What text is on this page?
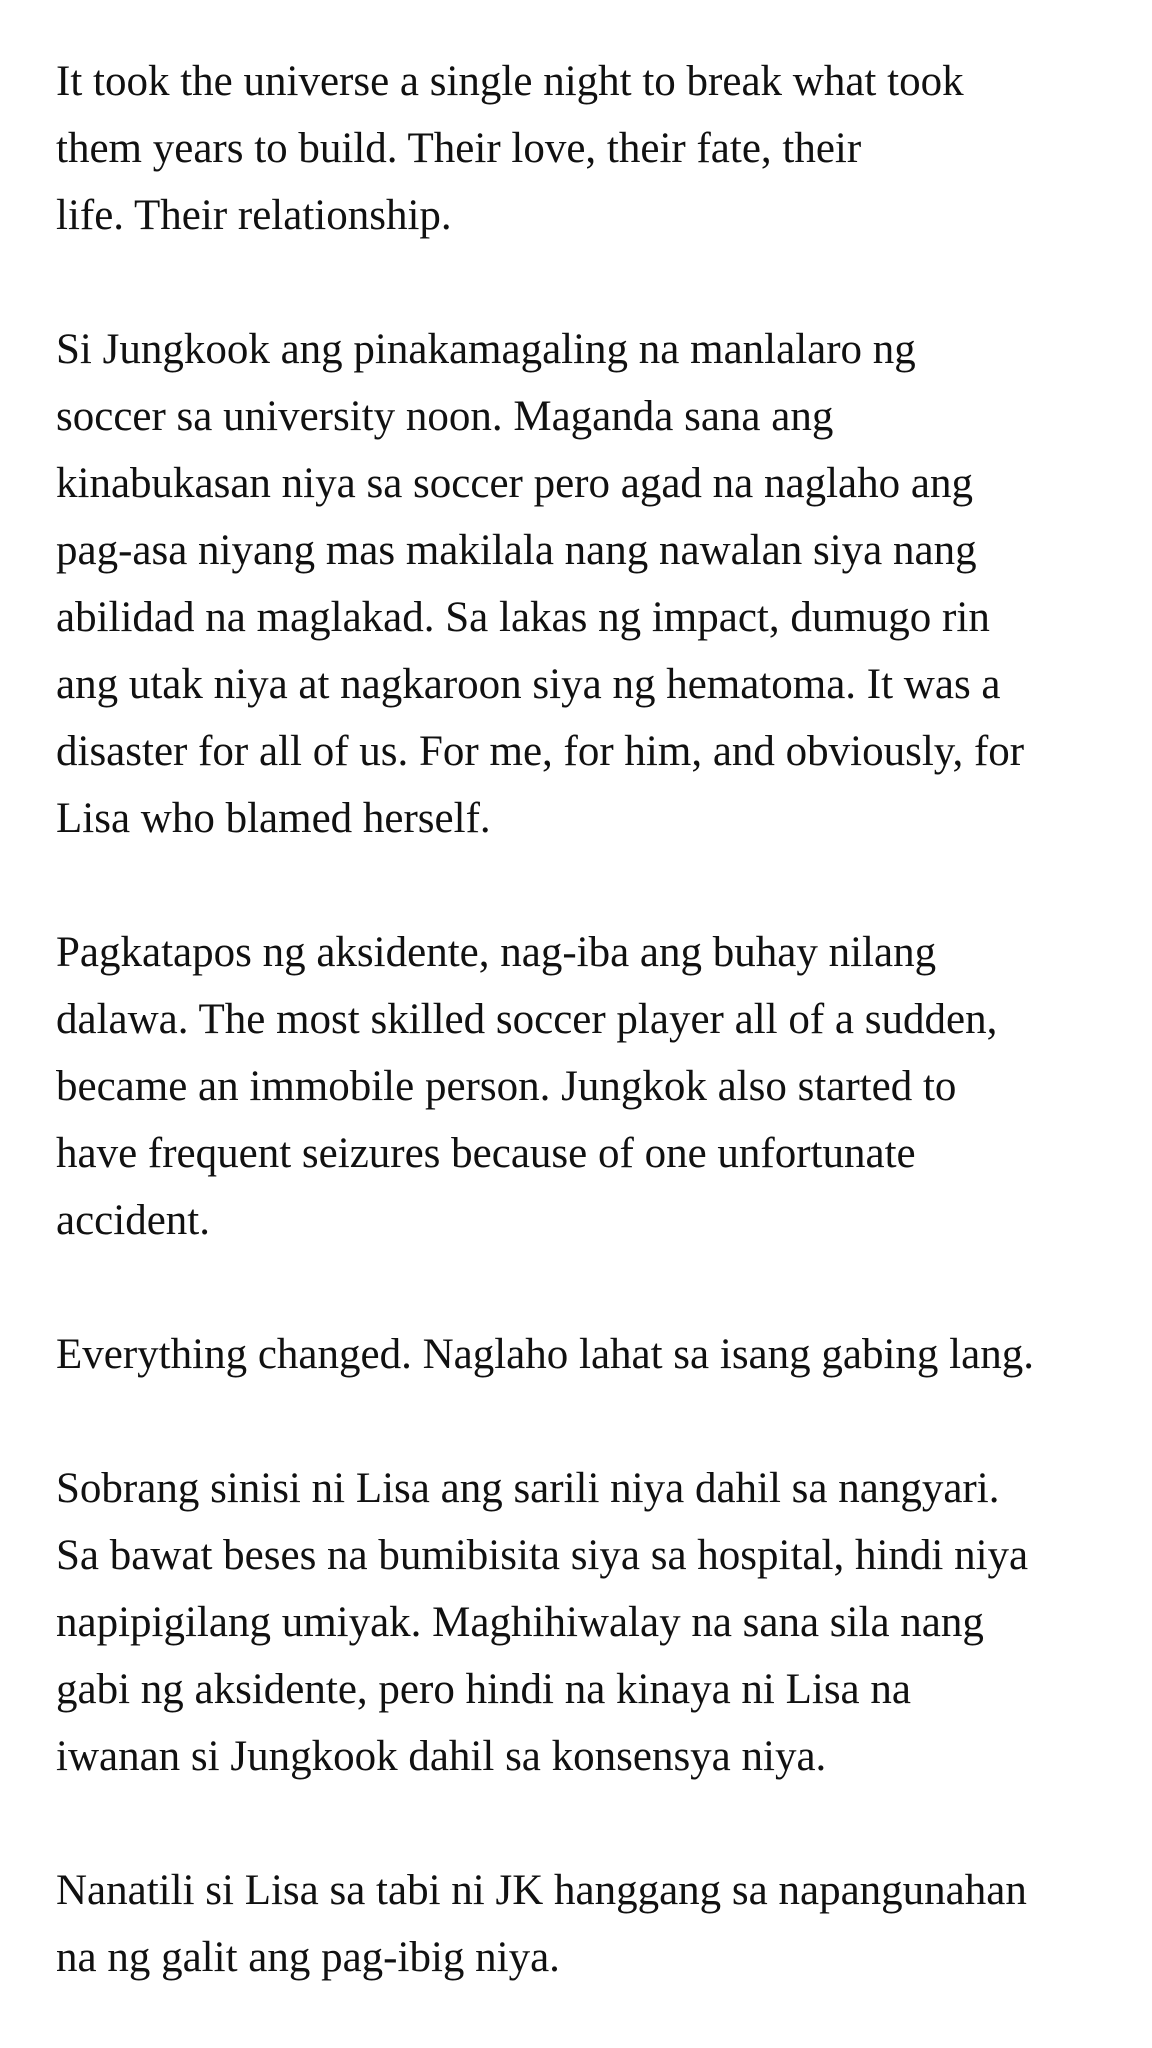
It took the universe a single night to break what took
them years to build. Their love, their fate, their
life. Their relationship.

Si Jungkook ang pinakamagaling na manlalaro ng
soccer sa university noon. Maganda sana ang
kinabukasan niya sa soccer pero agad na naglaho ang
pag-asa niyang mas makilala nang nawalan siya nang
abilidad na maglakad. Sa lakas ng impact, dumugo rin
ang utak niya at nagkaroon siya ng hematoma. It was a
disaster for all of us. For me, for him, and obviously, for
Lisa who blamed herself.

Pagkatapos ng aksidente, nag-iba ang buhay nilang
dalawa. The most skilled soccer player all of a sudden,
became an immobile person. Jungkok also started to
have frequent seizures because of one unfortunate
accident.

Everything changed. Naglaho lahat sa isang gabing lang.

Sobrang sinisi ni Lisa ang sarili niya dahil sa nangyari.
Sa bawat beses na bumibisita siya sa hospital, hindi niya
napipigilang umiyak. Maghihiwalay na sana sila nang
gabi ng aksidente, pero hindi na kinaya ni Lisa na
iwanan si Jungkook dahil sa konsensya niya.

Nanatili si Lisa sa tabi ni JK hanggang sa napangunahan
na ng galit ang pag-ibig niya.
